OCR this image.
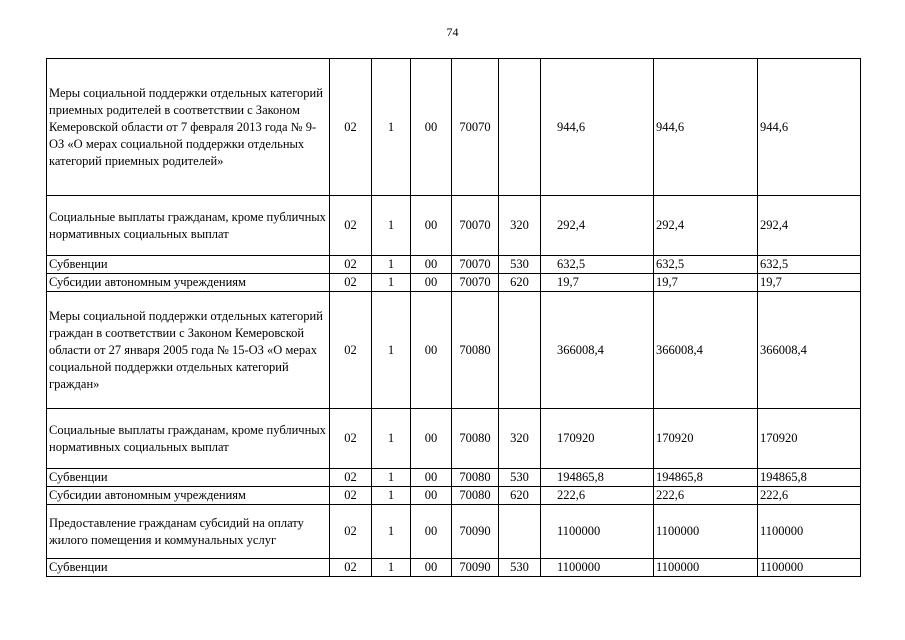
74
Меры социальной поддержки отдельных категорий приемных родителей в соответствии с Законом Кемеровской области от 7 февраля 2013 года № 9-ОЗ «О мерах социальной поддержки отдельных категорий приемных родителей»	02	1	00	70070		944,6	944,6	944,6
Социальные выплаты гражданам, кроме публичных нормативных социальных выплат	02	1	00	70070	320	292,4	292,4	292,4
Субвенции	02	1	00	70070	530	632,5	632,5	632,5
Субсидии автономным учреждениям	02	1	00	70070	620	19,7	19,7	19,7
Меры социальной поддержки отдельных категорий граждан в соответствии с Законом Кемеровской области от 27 января 2005 года № 15-ОЗ «О мерах социальной поддержки отдельных категорий граждан»	02	1	00	70080		366008,4	366008,4	366008,4
Социальные выплаты гражданам, кроме публичных нормативных социальных выплат	02	1	00	70080	320	170920	170920	170920
Субвенции	02	1	00	70080	530	194865,8	194865,8	194865,8
Субсидии автономным учреждениям	02	1	00	70080	620	222,6	222,6	222,6
Предоставление гражданам субсидий на оплату жилого помещения и коммунальных услуг	02	1	00	70090		1100000	1100000	1100000
Субвенции	02	1	00	70090	530	1100000	1100000	1100000
